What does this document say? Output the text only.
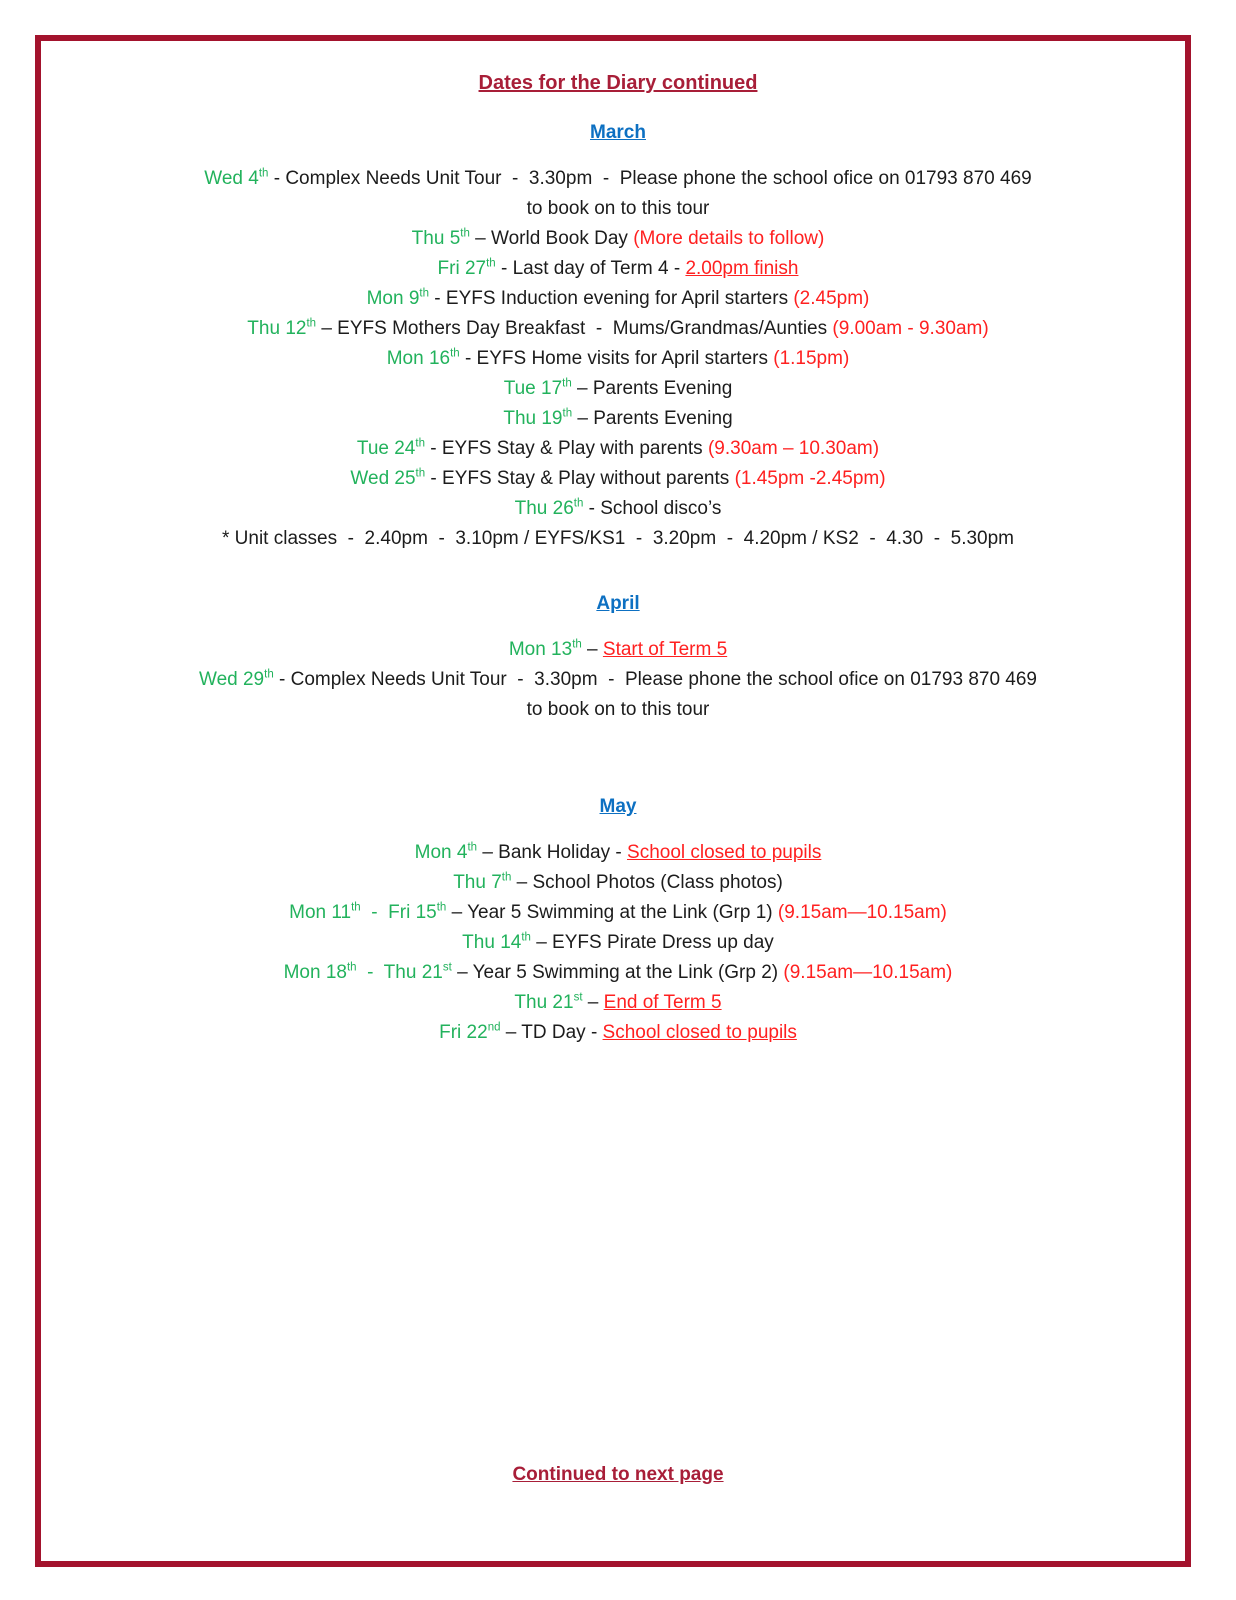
Dates for the Diary continued
March
Wed 4th - Complex Needs Unit Tour  -  3.30pm  -  Please phone the school oﬁce on 01793 870 469
to book on to this tour
Thu 5th – World Book Day (More details to follow)
Fri 27th - Last day of Term 4 - 2.00pm finish
Mon 9th - EYFS Induction evening for April starters (2.45pm)
Thu 12th – EYFS Mothers Day Breakfast  -  Mums/Grandmas/Aunties (9.00am - 9.30am)
Mon 16th - EYFS Home visits for April starters (1.15pm)
Tue 17th – Parents Evening
Thu 19th – Parents Evening
Tue 24th - EYFS Stay & Play with parents (9.30am – 10.30am)
Wed 25th - EYFS Stay & Play without parents (1.45pm -2.45pm)
Thu 26th - School disco’s
* Unit classes  -  2.40pm  -  3.10pm / EYFS/KS1  -  3.20pm  -  4.20pm / KS2  -  4.30  -  5.30pm
April
Mon 13th – Start of Term 5
Wed 29th - Complex Needs Unit Tour  -  3.30pm  -  Please phone the school oﬁce on 01793 870 469
to book on to this tour
May
Mon 4th – Bank Holiday - School closed to pupils
Thu 7th – School Photos (Class photos)
Mon 11th  -  Fri 15th – Year 5 Swimming at the Link (Grp 1) (9.15am—10.15am)
Thu 14th – EYFS Pirate Dress up day
Mon 18th  -  Thu 21st – Year 5 Swimming at the Link (Grp 2) (9.15am—10.15am)
Thu 21st – End of Term 5
Fri 22nd – TD Day - School closed to pupils
Continued to next page
